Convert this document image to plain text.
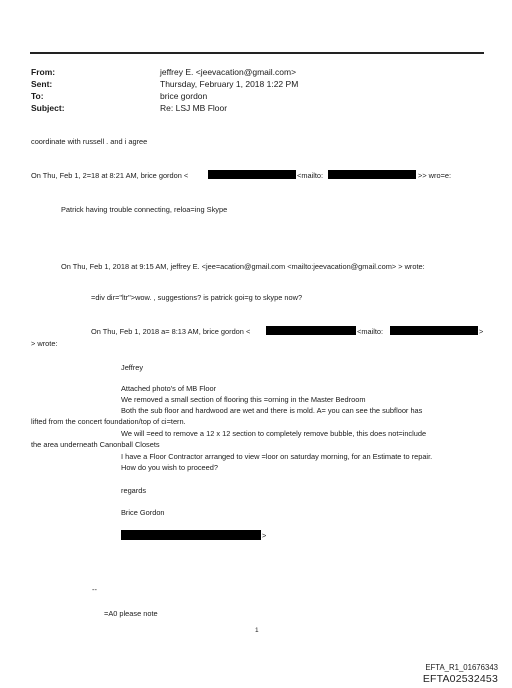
From:	jeffrey E. <jeevacation@gmail.com>
Sent:	Thursday, February 1, 2018 1:22 PM
To:	brice gordon
Subject:	Re: LSJ MB Floor
coordinate with russell . and i agree
On Thu, Feb 1, 2=18 at 8:21 AM, brice gordon <	<mailto:	>> wro=e:
Patrick having trouble connecting, reloa=ing Skype
On Thu, Feb 1, 2018 at 9:15 AM, jeffrey E. <jee=acation@gmail.com <mailto:jeevacation@gmail.com> > wrote:
=div dir="ltr">wow. , suggestions? is patrick goi=g to skype now?
On Thu, Feb 1, 2018 a= 8:13 AM, brice gordon <	<mailto:	>
> wrote:
Jeffrey
Attached photo's of MB Floor
We removed a small section of flooring this =orning in the Master Bedroom
Both the sub floor and hardwood are wet and there is mold. A= you can see the subfloor has
lifted from the concert foundation/top of ci=tern.
We will =eed to remove a 12 x 12 section to completely remove bubble, this does not=include
the area underneath Canonball Closets
I have a Floor Contractor arranged to view =loor on saturday morning, for an Estimate to repair.
How do you wish to proceed?
regards
Brice Gordon
>
--
=A0 please note
1
EFTA_R1_01676343
EFTA02532453
